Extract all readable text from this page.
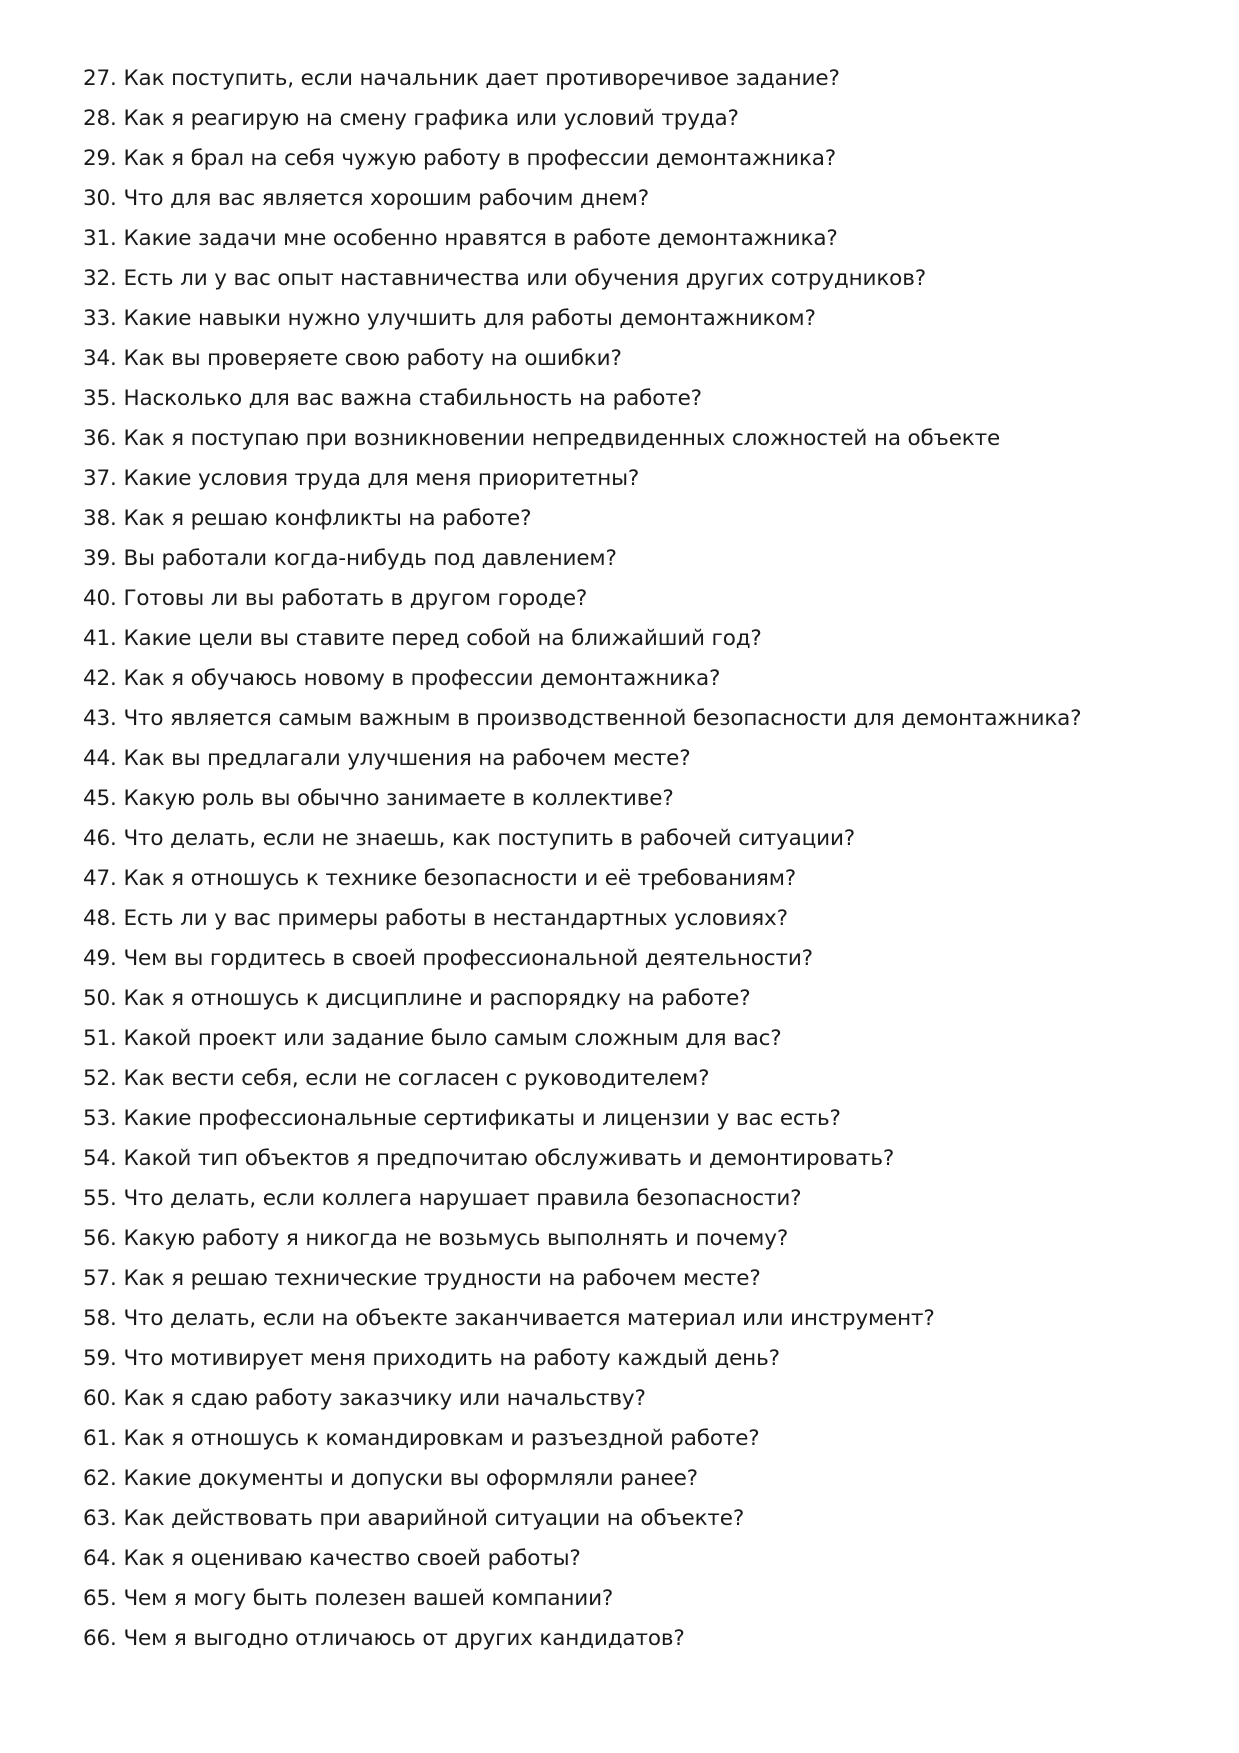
27. Как поступить, если начальник дает противоречивое задание?
28. Как я реагирую на смену графика или условий труда?
29. Как я брал на себя чужую работу в профессии демонтажника?
30. Что для вас является хорошим рабочим днем?
31. Какие задачи мне особенно нравятся в работе демонтажника?
32. Есть ли у вас опыт наставничества или обучения других сотрудников?
33. Какие навыки нужно улучшить для работы демонтажником?
34. Как вы проверяете свою работу на ошибки?
35. Насколько для вас важна стабильность на работе?
36. Как я поступаю при возникновении непредвиденных сложностей на объекте
37. Какие условия труда для меня приоритетны?
38. Как я решаю конфликты на работе?
39. Вы работали когда-нибудь под давлением?
40. Готовы ли вы работать в другом городе?
41. Какие цели вы ставите перед собой на ближайший год?
42. Как я обучаюсь новому в профессии демонтажника?
43. Что является самым важным в производственной безопасности для демонтажника?
44. Как вы предлагали улучшения на рабочем месте?
45. Какую роль вы обычно занимаете в коллективе?
46. Что делать, если не знаешь, как поступить в рабочей ситуации?
47. Как я отношусь к технике безопасности и её требованиям?
48. Есть ли у вас примеры работы в нестандартных условиях?
49. Чем вы гордитесь в своей профессиональной деятельности?
50. Как я отношусь к дисциплине и распорядку на работе?
51. Какой проект или задание было самым сложным для вас?
52. Как вести себя, если не согласен с руководителем?
53. Какие профессиональные сертификаты и лицензии у вас есть?
54. Какой тип объектов я предпочитаю обслуживать и демонтировать?
55. Что делать, если коллега нарушает правила безопасности?
56. Какую работу я никогда не возьмусь выполнять и почему?
57. Как я решаю технические трудности на рабочем месте?
58. Что делать, если на объекте заканчивается материал или инструмент?
59. Что мотивирует меня приходить на работу каждый день?
60. Как я сдаю работу заказчику или начальству?
61. Как я отношусь к командировкам и разъездной работе?
62. Какие документы и допуски вы оформляли ранее?
63. Как действовать при аварийной ситуации на объекте?
64. Как я оцениваю качество своей работы?
65. Чем я могу быть полезен вашей компании?
66. Чем я выгодно отличаюсь от других кандидатов?
